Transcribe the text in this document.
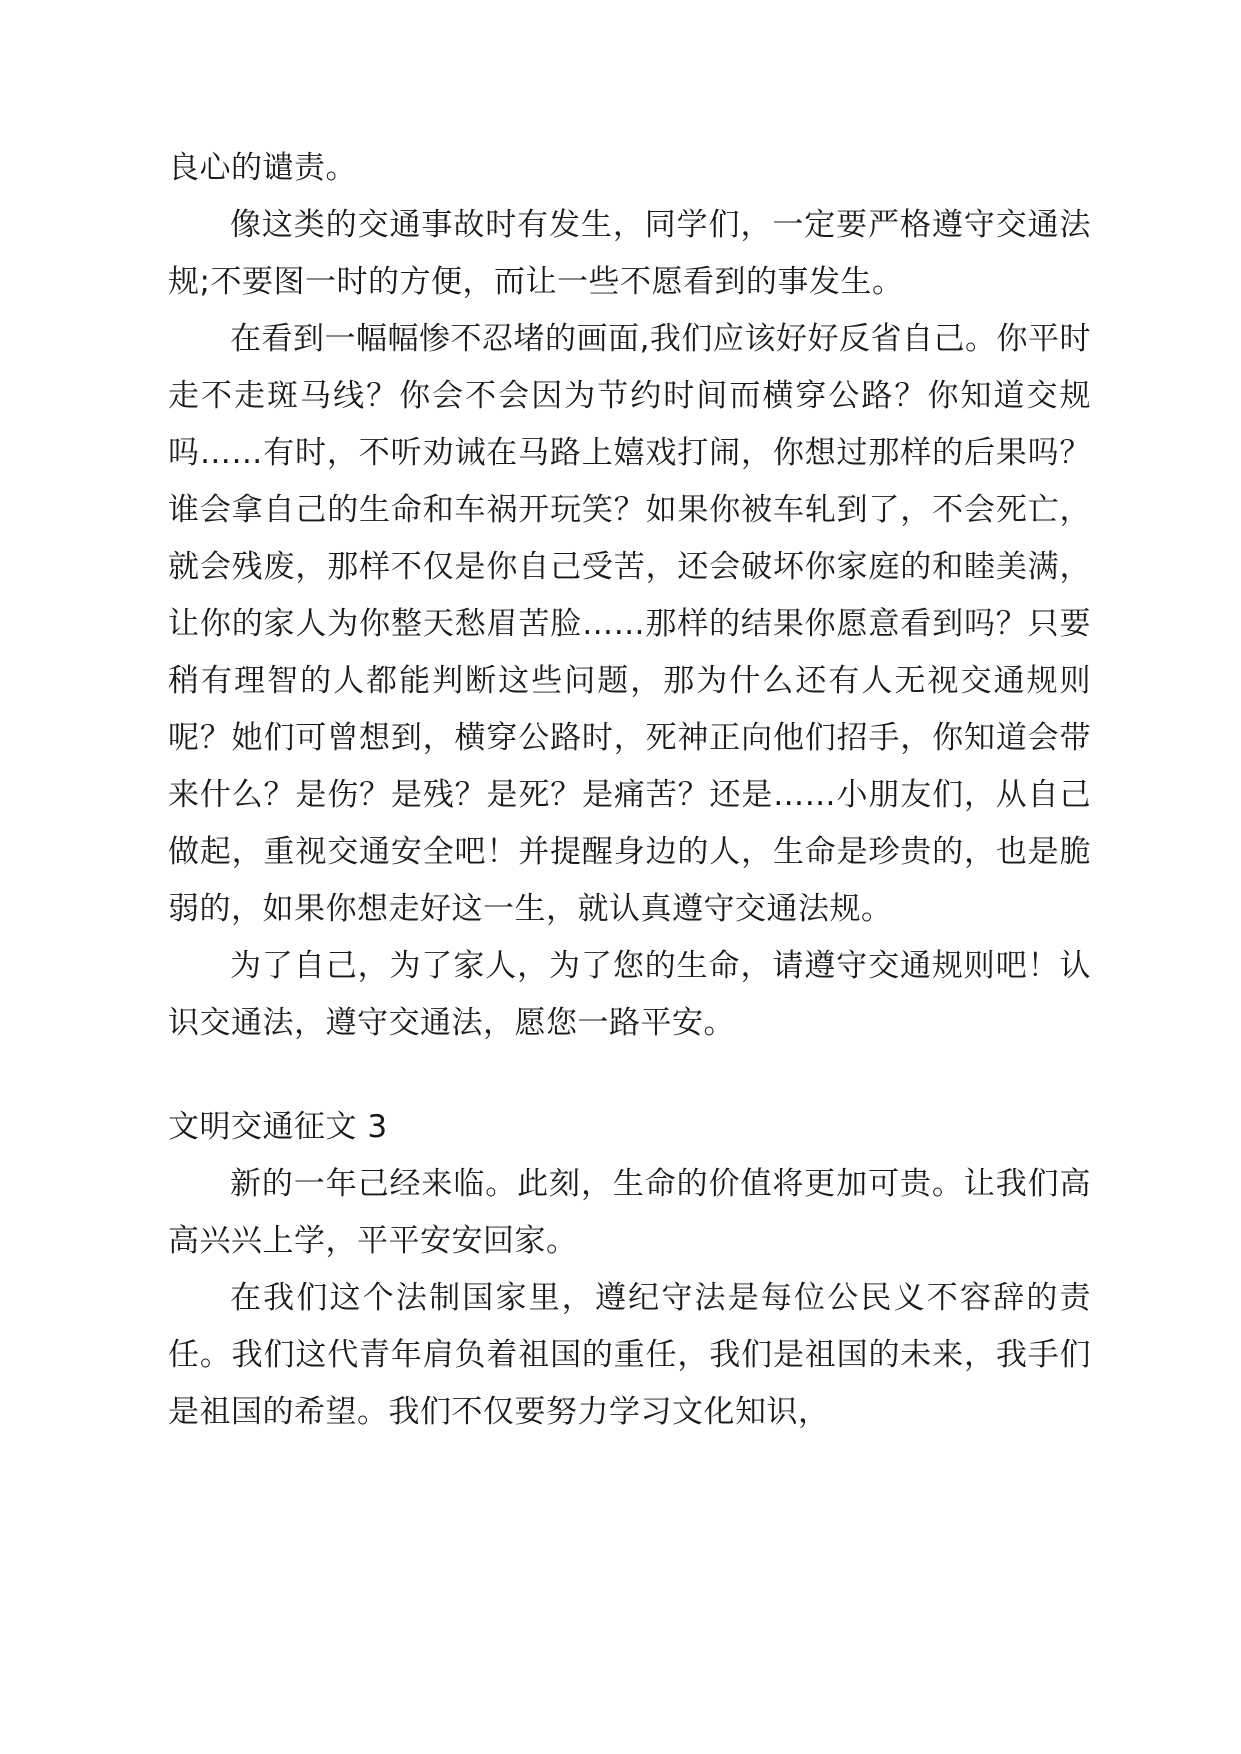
良心的谴责。

像这类的交通事故时有发生，同学们，一定要严格遵守交通法规;不要图一时的方便，而让一些不愿看到的事发生。

在看到一幅幅惨不忍堵的画面,我们应该好好反省自己。你平时走不走斑马线？你会不会因为节约时间而横穿公路？你知道交规吗……有时，不听劝诫在马路上嬉戏打闹，你想过那样的后果吗？谁会拿自己的生命和车祸开玩笑？如果你被车轧到了，不会死亡，就会残废，那样不仅是你自己受苦，还会破坏你家庭的和睦美满，让你的家人为你整天愁眉苦脸……那样的结果你愿意看到吗？只要稍有理智的人都能判断这些问题，那为什么还有人无视交通规则呢？她们可曾想到，横穿公路时，死神正向他们招手，你知道会带来什么？是伤？是残？是死？是痛苦？还是……小朋友们，从自己做起，重视交通安全吧！并提醒身边的人，生命是珍贵的，也是脆弱的，如果你想走好这一生，就认真遵守交通法规。

为了自己，为了家人，为了您的生命，请遵守交通规则吧！认识交通法，遵守交通法，愿您一路平安。

文明交通征文 3

新的一年己经来临。此刻，生命的价值将更加可贵。让我们高高兴兴上学，平平安安回家。

在我们这个法制国家里，遵纪守法是每位公民义不容辞的责任。我们这代青年肩负着祖国的重任，我们是祖国的未来，我手们是祖国的希望。我们不仅要努力学习文化知识，
